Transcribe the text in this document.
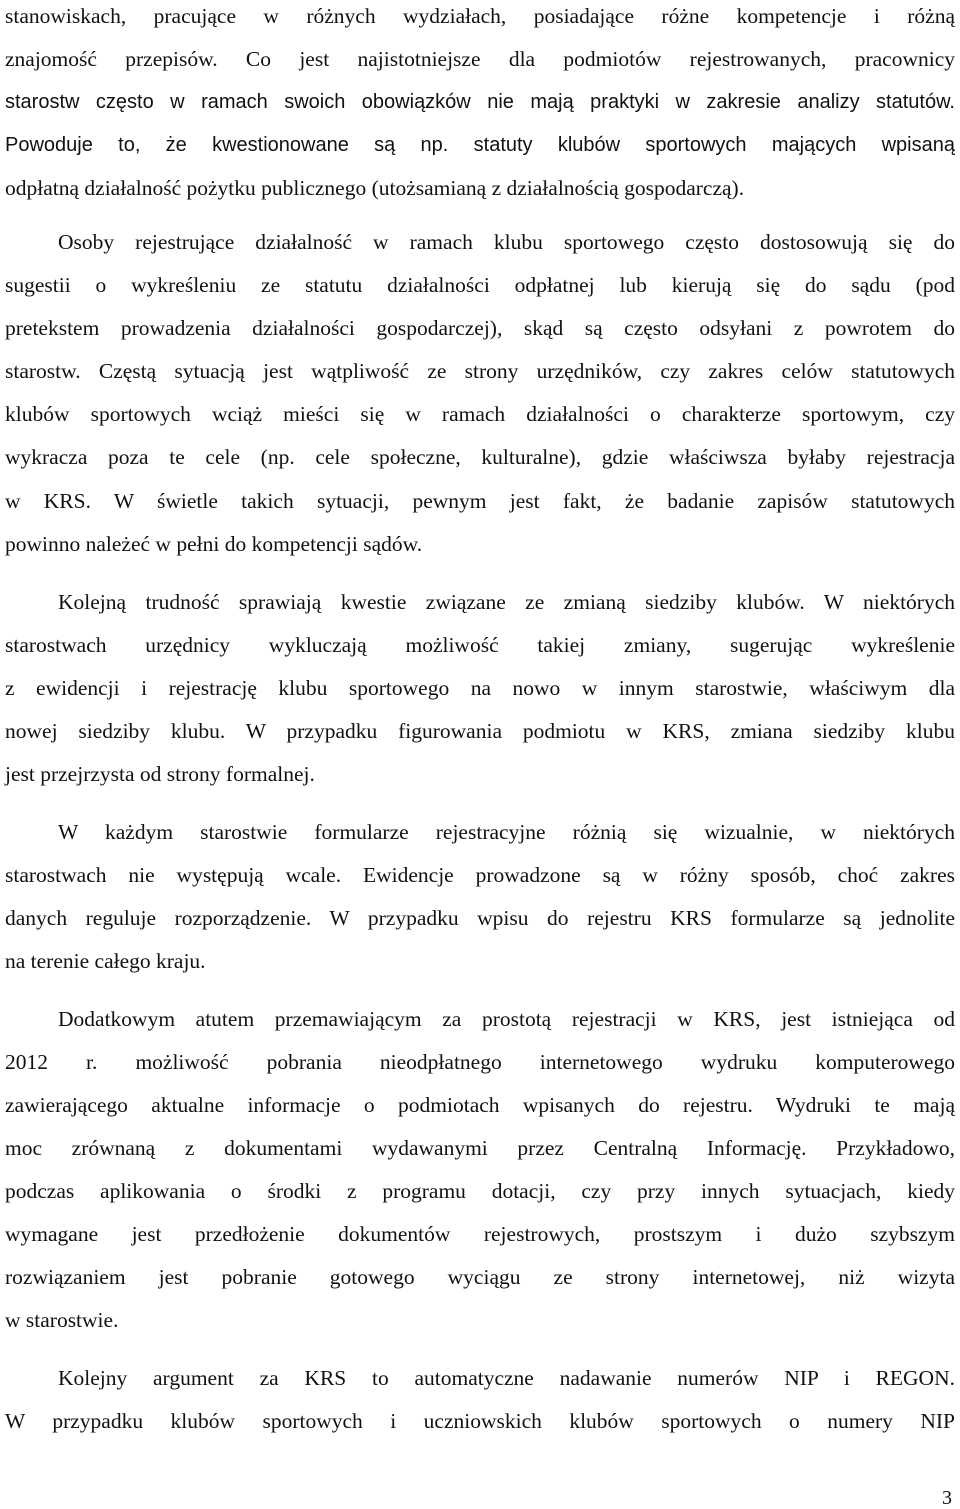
stanowiskach, pracujące w różnych wydziałach, posiadające różne kompetencje i różną
znajomość przepisów. Co jest najistotniejsze dla podmiotów rejestrowanych, pracownicy
starostw często w ramach swoich obowiązków nie mają praktyki w zakresie analizy statutów.
Powoduje to, że kwestionowane są np. statuty klubów sportowych mających wpisaną
odpłatną działalność pożytku publicznego (utożsamianą z działalnością gospodarczą).
Osoby rejestrujące działalność w ramach klubu sportowego często dostosowują się do
sugestii o wykreśleniu ze statutu działalności odpłatnej lub kierują się do sądu (pod
pretekstem prowadzenia działalności gospodarczej), skąd są często odsyłani z powrotem do
starostw. Częstą sytuacją jest wątpliwość ze strony urzędników, czy zakres celów statutowych
klubów sportowych wciąż mieści się w ramach działalności o charakterze sportowym, czy
wykracza poza te cele (np. cele społeczne, kulturalne), gdzie właściwsza byłaby rejestracja
w KRS. W świetle takich sytuacji, pewnym jest fakt, że badanie zapisów statutowych
powinno należeć w pełni do kompetencji sądów.
Kolejną trudność sprawiają kwestie związane ze zmianą siedziby klubów. W niektórych
starostwach urzędnicy wykluczają możliwość takiej zmiany, sugerując wykreślenie
z ewidencji i rejestrację klubu sportowego na nowo w innym starostwie, właściwym dla
nowej siedziby klubu. W przypadku figurowania podmiotu w KRS, zmiana siedziby klubu
jest przejrzysta od strony formalnej.
W każdym starostwie formularze rejestracyjne różnią się wizualnie, w niektórych
starostwach nie występują wcale. Ewidencje prowadzone są w różny sposób, choć zakres
danych reguluje rozporządzenie. W przypadku wpisu do rejestru KRS formularze są jednolite
na terenie całego kraju.
Dodatkowym atutem przemawiającym za prostotą rejestracji w KRS, jest istniejąca od
2012 r. możliwość pobrania nieodpłatnego internetowego wydruku komputerowego
zawierającego aktualne informacje o podmiotach wpisanych do rejestru. Wydruki te mają
moc zrównaną z dokumentami wydawanymi przez Centralną Informację. Przykładowo,
podczas aplikowania o środki z programu dotacji, czy przy innych sytuacjach, kiedy
wymagane jest przedłożenie dokumentów rejestrowych, prostszym i dużo szybszym
rozwiązaniem jest pobranie gotowego wyciągu ze strony internetowej, niż wizyta
w starostwie.
Kolejny argument za KRS to automatyczne nadawanie numerów NIP i REGON.
W przypadku klubów sportowych i uczniowskich klubów sportowych o numery NIP
3
